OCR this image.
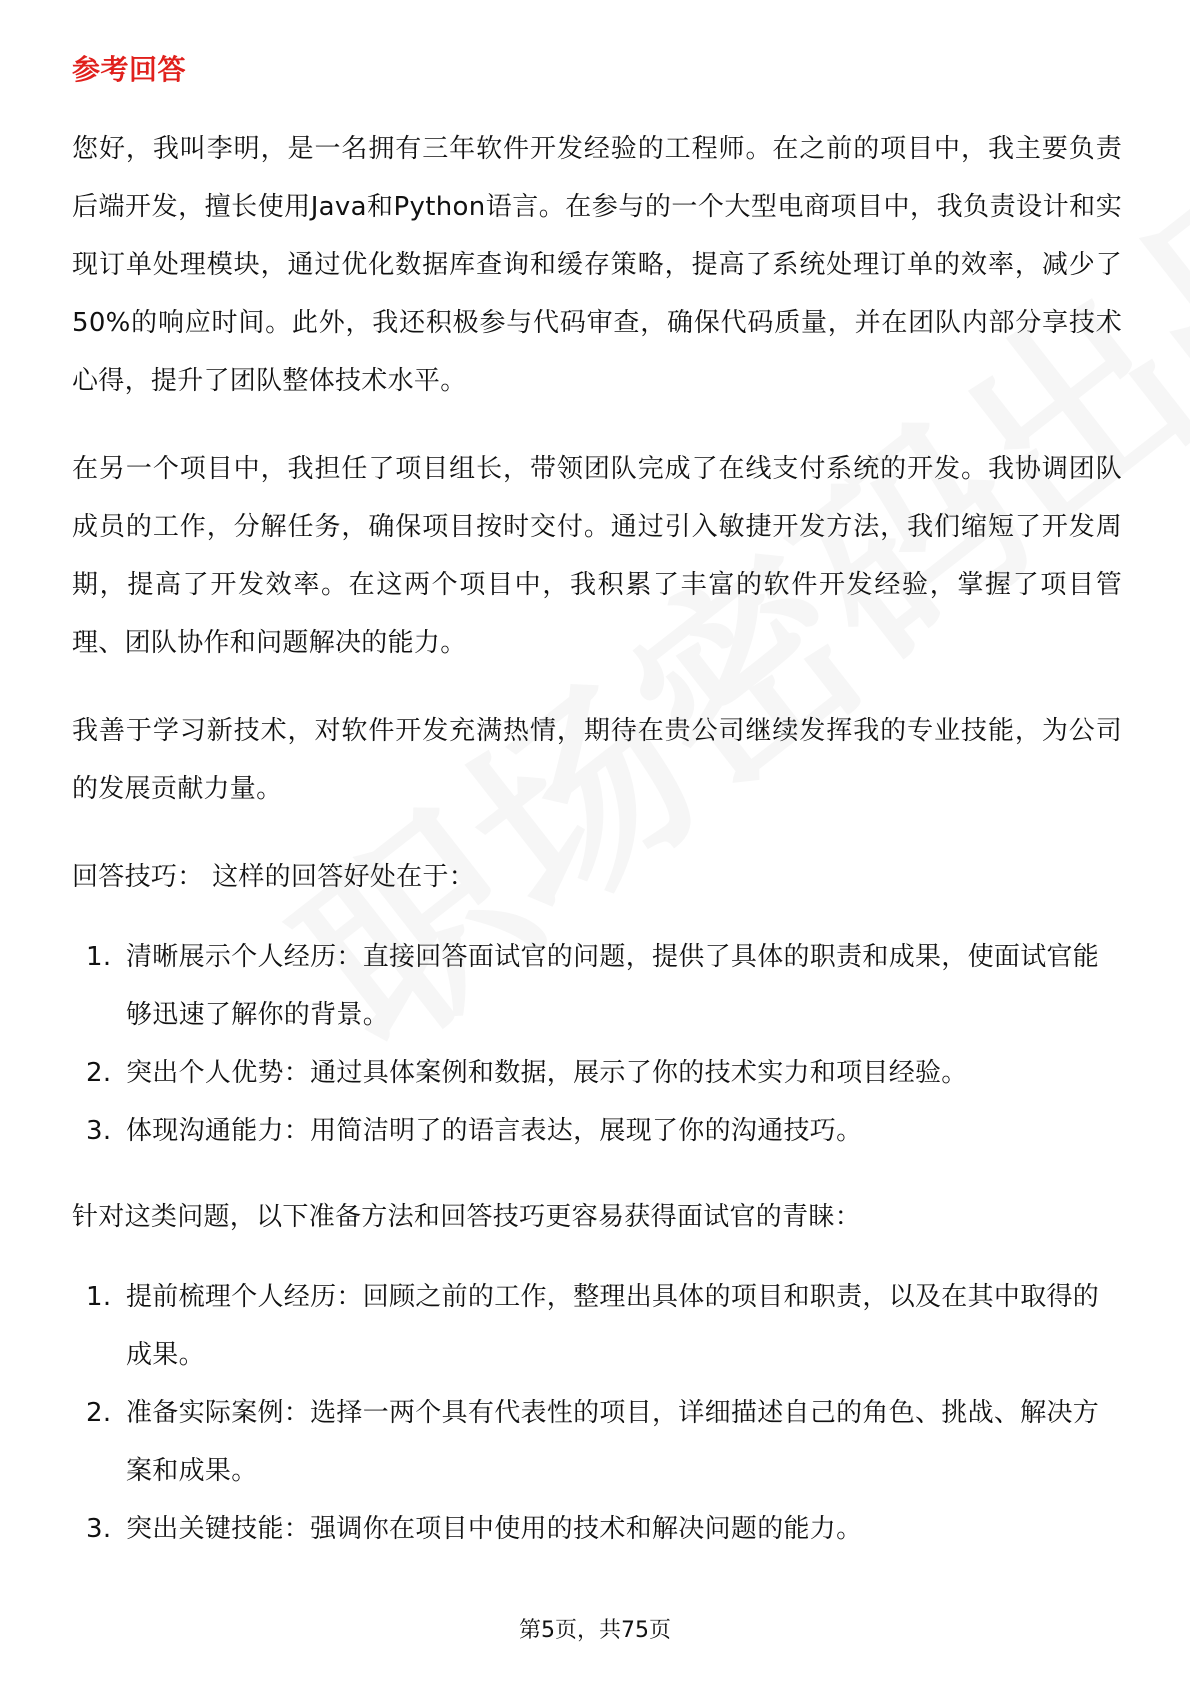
参考回答

您好，我叫李明，是一名拥有三年软件开发经验的工程师。在之前的项目中，我主要负责后端开发，擅长使用Java和Python语言。在参与的一个大型电商项目中，我负责设计和实现订单处理模块，通过优化数据库查询和缓存策略，提高了系统处理订单的效率，减少了50%的响应时间。此外，我还积极参与代码审查，确保代码质量，并在团队内部分享技术心得，提升了团队整体技术水平。

在另一个项目中，我担任了项目组长，带领团队完成了在线支付系统的开发。我协调团队成员的工作，分解任务，确保项目按时交付。通过引入敏捷开发方法，我们缩短了开发周期，提高了开发效率。在这两个项目中，我积累了丰富的软件开发经验，掌握了项目管理、团队协作和问题解决的能力。

我善于学习新技术，对软件开发充满热情，期待在贵公司继续发挥我的专业技能，为公司的发展贡献力量。

回答技巧： 这样的回答好处在于：

1. 清晰展示个人经历：直接回答面试官的问题，提供了具体的职责和成果，使面试官能够迅速了解你的背景。
2. 突出个人优势：通过具体案例和数据，展示了你的技术实力和项目经验。
3. 体现沟通能力：用简洁明了的语言表达，展现了你的沟通技巧。

针对这类问题，以下准备方法和回答技巧更容易获得面试官的青睐：

1. 提前梳理个人经历：回顾之前的工作，整理出具体的项目和职责，以及在其中取得的成果。
2. 准备实际案例：选择一两个具有代表性的项目，详细描述自己的角色、挑战、解决方案和成果。
3. 突出关键技能：强调你在项目中使用的技术和解决问题的能力。
第5页，共75页
